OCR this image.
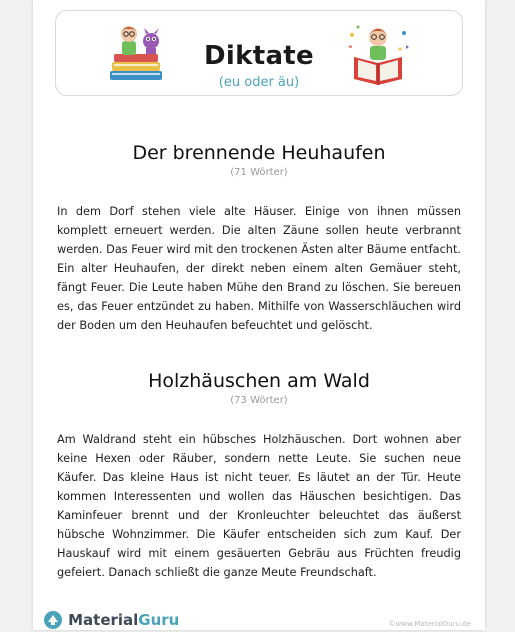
Diktate
(eu oder äu)
Der brennende Heuhaufen
(71 Wörter)
In dem Dorf stehen viele alte Häuser. Einige von ihnen müssen komplett erneuert werden. Die alten Zäune sollen heute verbrannt werden. Das Feuer wird mit den trockenen Ästen alter Bäume entfacht. Ein alter Heuhaufen, der direkt neben einem alten Gemäuer steht, fängt Feuer. Die Leute haben Mühe den Brand zu löschen. Sie bereuen es, das Feuer entzündet zu haben. Mithilfe von Wasserschläuchen wird der Boden um den Heuhaufen befeuchtet und gelöscht.
Holzhäuschen am Wald
(73 Wörter)
Am Waldrand steht ein hübsches Holzhäuschen. Dort wohnen aber keine Hexen oder Räuber, sondern nette Leute. Sie suchen neue Käufer. Das kleine Haus ist nicht teuer. Es läutet an der Tür. Heute kommen Interessenten und wollen das Häuschen besichtigen. Das Kaminfeuer brennt und der Kronleuchter beleuchtet das äußerst hübsche Wohnzimmer. Die Käufer entscheiden sich zum Kauf. Der Hauskauf wird mit einem gesäuerten Gebräu aus Früchten freudig gefeiert. Danach schließt die ganze Meute Freundschaft.
MaterialGuru	©www.MaterialGuru.de
